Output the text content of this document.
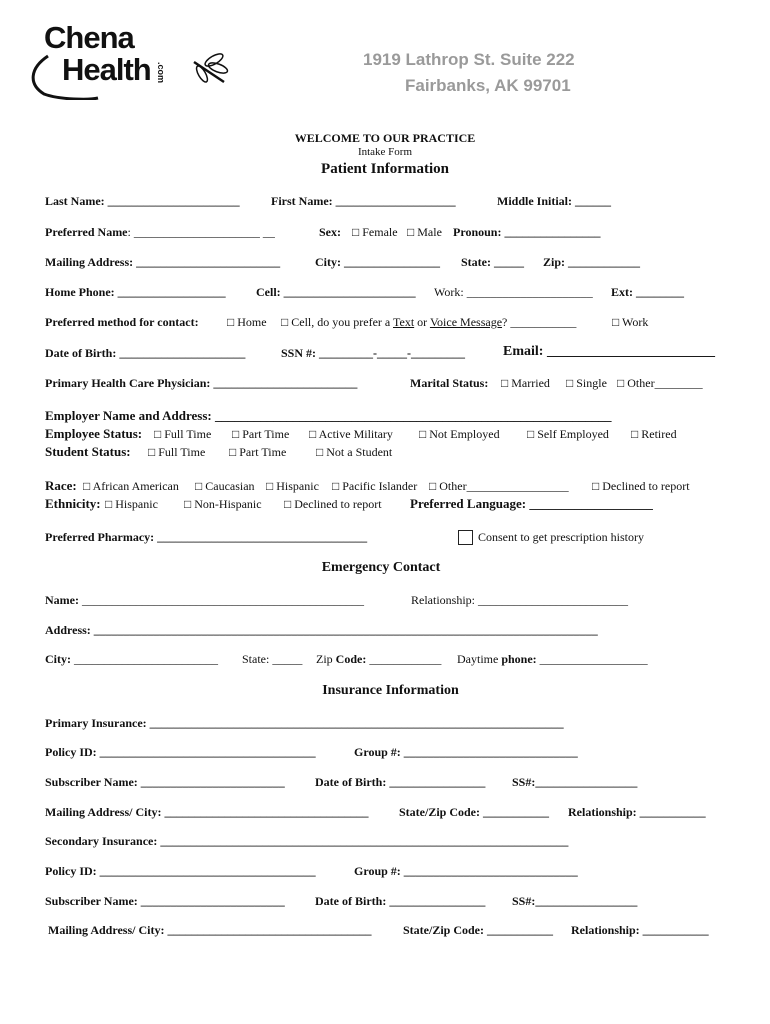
Chena
Health .com
1919 Lathrop St. Suite 222
Fairbanks, AK 99701
WELCOME TO OUR PRACTICE
Intake Form
Patient Information
Last Name: ______________________	First Name: ____________________	Middle Initial: ______
Preferred Name: _____________________ __	Sex: □ Female □ Male Pronoun: ________________
Mailing Address: ________________________	City: ________________ State: _____ Zip: ____________
Home Phone: __________________	Cell: ______________________ Work: _____________________ Ext: ________
Preferred method for contact: □ Home □ Cell, do you prefer a Text or Voice Message? ___________	□ Work
Date of Birth: _____________________	SSN #: _________-_____-_________	Email: ________________________
Primary Health Care Physician: ________________________	Marital Status: □ Married □ Single □ Other________
Employer Name and Address: _____________________________________________________________
Employee Status: □ Full Time □ Part Time □ Active Military □ Not Employed □ Self Employed □ Retired
Student Status: □ Full Time □ Part Time □ Not a Student
Race: □ African American □ Caucasian □ Hispanic □ Pacific Islander □ Other_________________ □ Declined to report
Ethnicity: □ Hispanic □ Non-Hispanic □ Declined to report Preferred Language: ___________________
Preferred Pharmacy: ___________________________________	Consent to get prescription history
Emergency Contact
Name: _______________________________________________	Relationship: _________________________
Address: ____________________________________________________________________________________
City: ________________________ State: _____ Zip Code: ____________ Daytime phone: __________________
Insurance Information
Primary Insurance: _____________________________________________________________________
Policy ID: ____________________________________	Group #: _____________________________
Subscriber Name: ________________________	Date of Birth: ________________ SS#:_________________
Mailing Address/ City: __________________________________	State/Zip Code: ___________ Relationship: ___________
Secondary Insurance: ____________________________________________________________________
Policy ID: ____________________________________	Group #: _____________________________
Subscriber Name: ________________________	Date of Birth: ________________ SS#:_________________
Mailing Address/ City: __________________________________	State/Zip Code: ___________ Relationship: ___________
